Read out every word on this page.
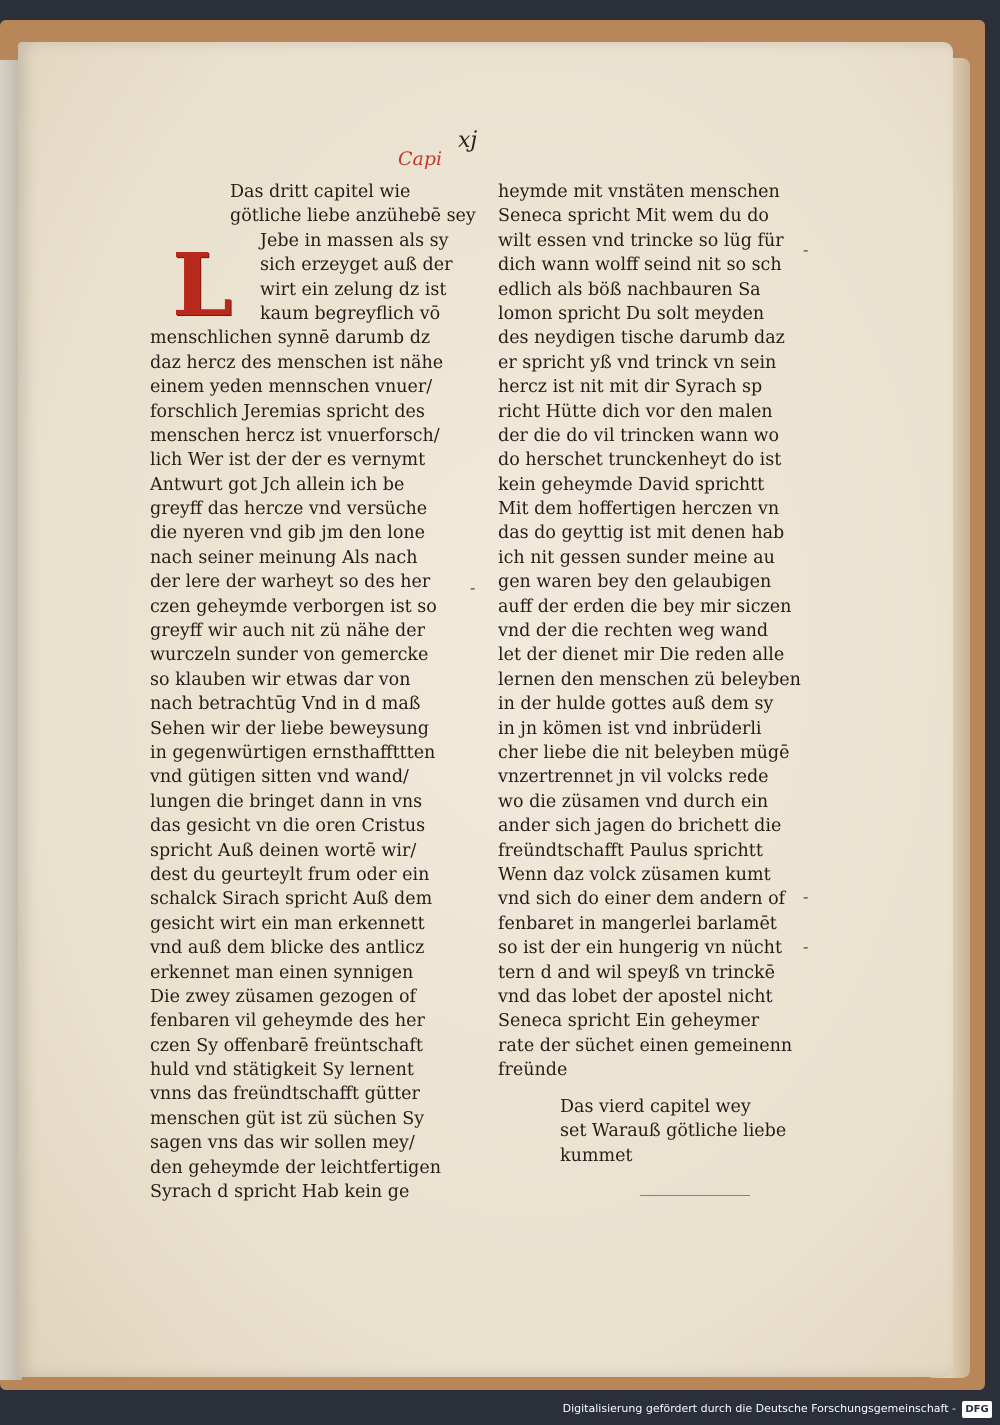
xj
Capi
L
Das dritt capitel wie
götliche liebe anzühebē sey
Jebe in massen als sy
sich erzeyget auß der
wirt ein zelung dz ist
kaum begreyflich vō
menschlichen synnē darumb dz
daz hercz des menschen ist nähe
einem yeden mennschen vnuer/
forschlich Jeremias spricht des
menschen hercz ist vnuerforsch/
lich Wer ist der der es vernymt
Antwurt got Jch allein ich be
greyff das hercze vnd versüche
die nyeren vnd gib jm den lone
nach seiner meinung Als nach
der lere der warheyt so des her
czen geheymde verborgen ist so
greyff wir auch nit zü nähe der
wurczeln sunder von gemercke
so klauben wir etwas dar von
nach betrachtūg Vnd in d maß
Sehen wir der liebe beweysung
in gegenwürtigen ernsthaffttten
vnd gütigen sitten vnd wand/
lungen die bringet dann in vns
das gesicht vn die oren Cristus
spricht Auß deinen wortē wir/
dest du geurteylt frum oder ein
schalck Sirach spricht Auß dem
gesicht wirt ein man erkennett
vnd auß dem blicke des antlicz
erkennet man einen synnigen
Die zwey züsamen gezogen of
fenbaren vil geheymde des her
czen Sy offenbarē freüntschaft
huld vnd stätigkeit Sy lernent
vnns das freündtschafft gütter
menschen güt ist zü süchen Sy
sagen vns das wir sollen mey/
den geheymde der leichtfertigen
Syrach d spricht Hab kein ge
heymde mit vnstäten menschen
Seneca spricht Mit wem du do
wilt essen vnd trincke so lüg für
dich wann wolff seind nit so sch
edlich als böß nachbauren Sa
lomon spricht Du solt meyden
des neydigen tische darumb daz
er spricht yß vnd trinck vn sein
hercz ist nit mit dir Syrach sp
richt Hütte dich vor den malen
der die do vil trincken wann wo
do herschet trunckenheyt do ist
kein geheymde David sprichtt
Mit dem hoffertigen herczen vn
das do geyttig ist mit denen hab
ich nit gessen sunder meine au
gen waren bey den gelaubigen
auff der erden die bey mir siczen
vnd der die rechten weg wand
let der dienet mir Die reden alle
lernen den menschen zü beleyben
in der hulde gottes auß dem sy
in jn kömen ist vnd inbrüderli
cher liebe die nit beleyben mügē
vnzertrennet jn vil volcks rede
wo die züsamen vnd durch ein
ander sich jagen do brichett die
freündtschafft Paulus sprichtt
Wenn daz volck züsamen kumt
vnd sich do einer dem andern of
fenbaret in mangerlei barlamēt
so ist der ein hungerig vn nücht
tern d and wil speyß vn trinckē
vnd das lobet der apostel nicht
Seneca spricht Ein geheymer
rate der süchet einen gemeinenn
freünde
Das vierd capitel wey
set Warauß götliche liebe
kummet
-
-
-
-
Digitalisierung gefördert durch die Deutsche Forschungsgemeinschaft - DFG
